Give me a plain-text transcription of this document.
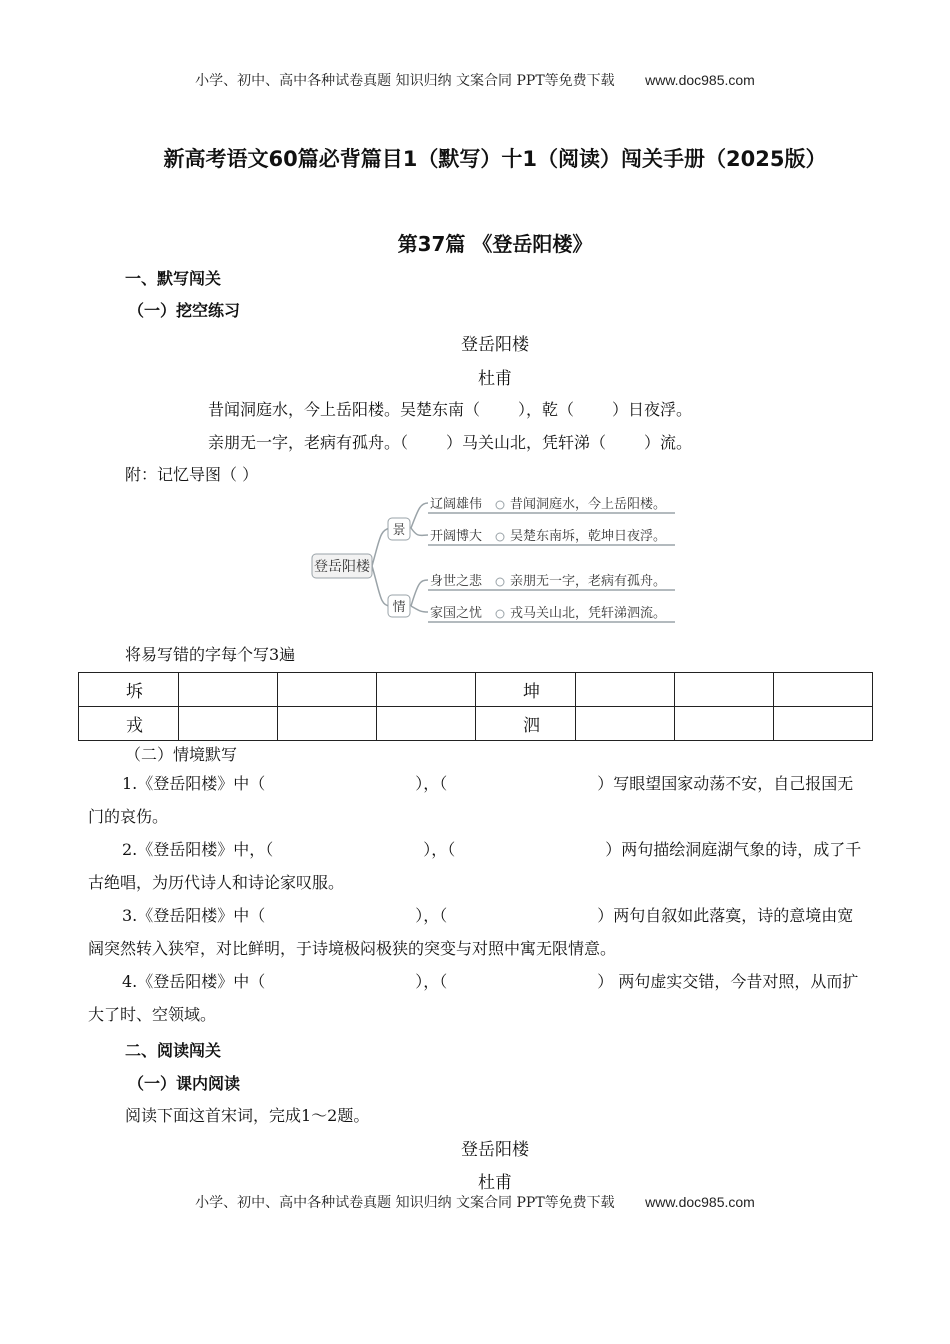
小学、初中、高中各种试卷真题 知识归纳 文案合同 PPT等免费下载 www.doc985.com
新高考语文60篇必背篇目1（默写）十1（阅读）闯关手册（2025版）
第37篇 《登岳阳楼》
一、默写闯关
（一）挖空练习
登岳阳楼
杜甫
昔闻洞庭水，今上岳阳楼。吴楚东南（ ），乾（ ）日夜浮。
亲朋无一字，老病有孤舟。（ ）马关山北，凭轩涕（ ）流。
附：记忆导图（ ）
登岳阳楼
景
情
辽阔雄伟 昔闻洞庭水，今上岳阳楼。
开阔博大 吴楚东南坼，乾坤日夜浮。
身世之悲 亲朋无一字，老病有孤舟。
家国之忧 戎马关山北，凭轩涕泗流。
将易写错的字每个写3遍
坼				坤			
戎				泗			
（二）情境默写
1.《登岳阳楼》中（	），（	）写眼望国家动荡不安，自己报国无门的哀伤。
2.《登岳阳楼》中，（	），（	）两句描绘洞庭湖气象的诗，成了千古绝唱，为历代诗人和诗论家叹服。
3.《登岳阳楼》中（	），（	）两句自叙如此落寞，诗的意境由宽阔突然转入狭窄，对比鲜明，于诗境极闷极狭的突变与对照中寓无限情意。
4.《登岳阳楼》中（	），（	） 两句虚实交错，今昔对照，从而扩大了时、空领域。
二、阅读闯关
（一）课内阅读
阅读下面这首宋词，完成1～2题。
登岳阳楼
杜甫
小学、初中、高中各种试卷真题 知识归纳 文案合同 PPT等免费下载 www.doc985.com
